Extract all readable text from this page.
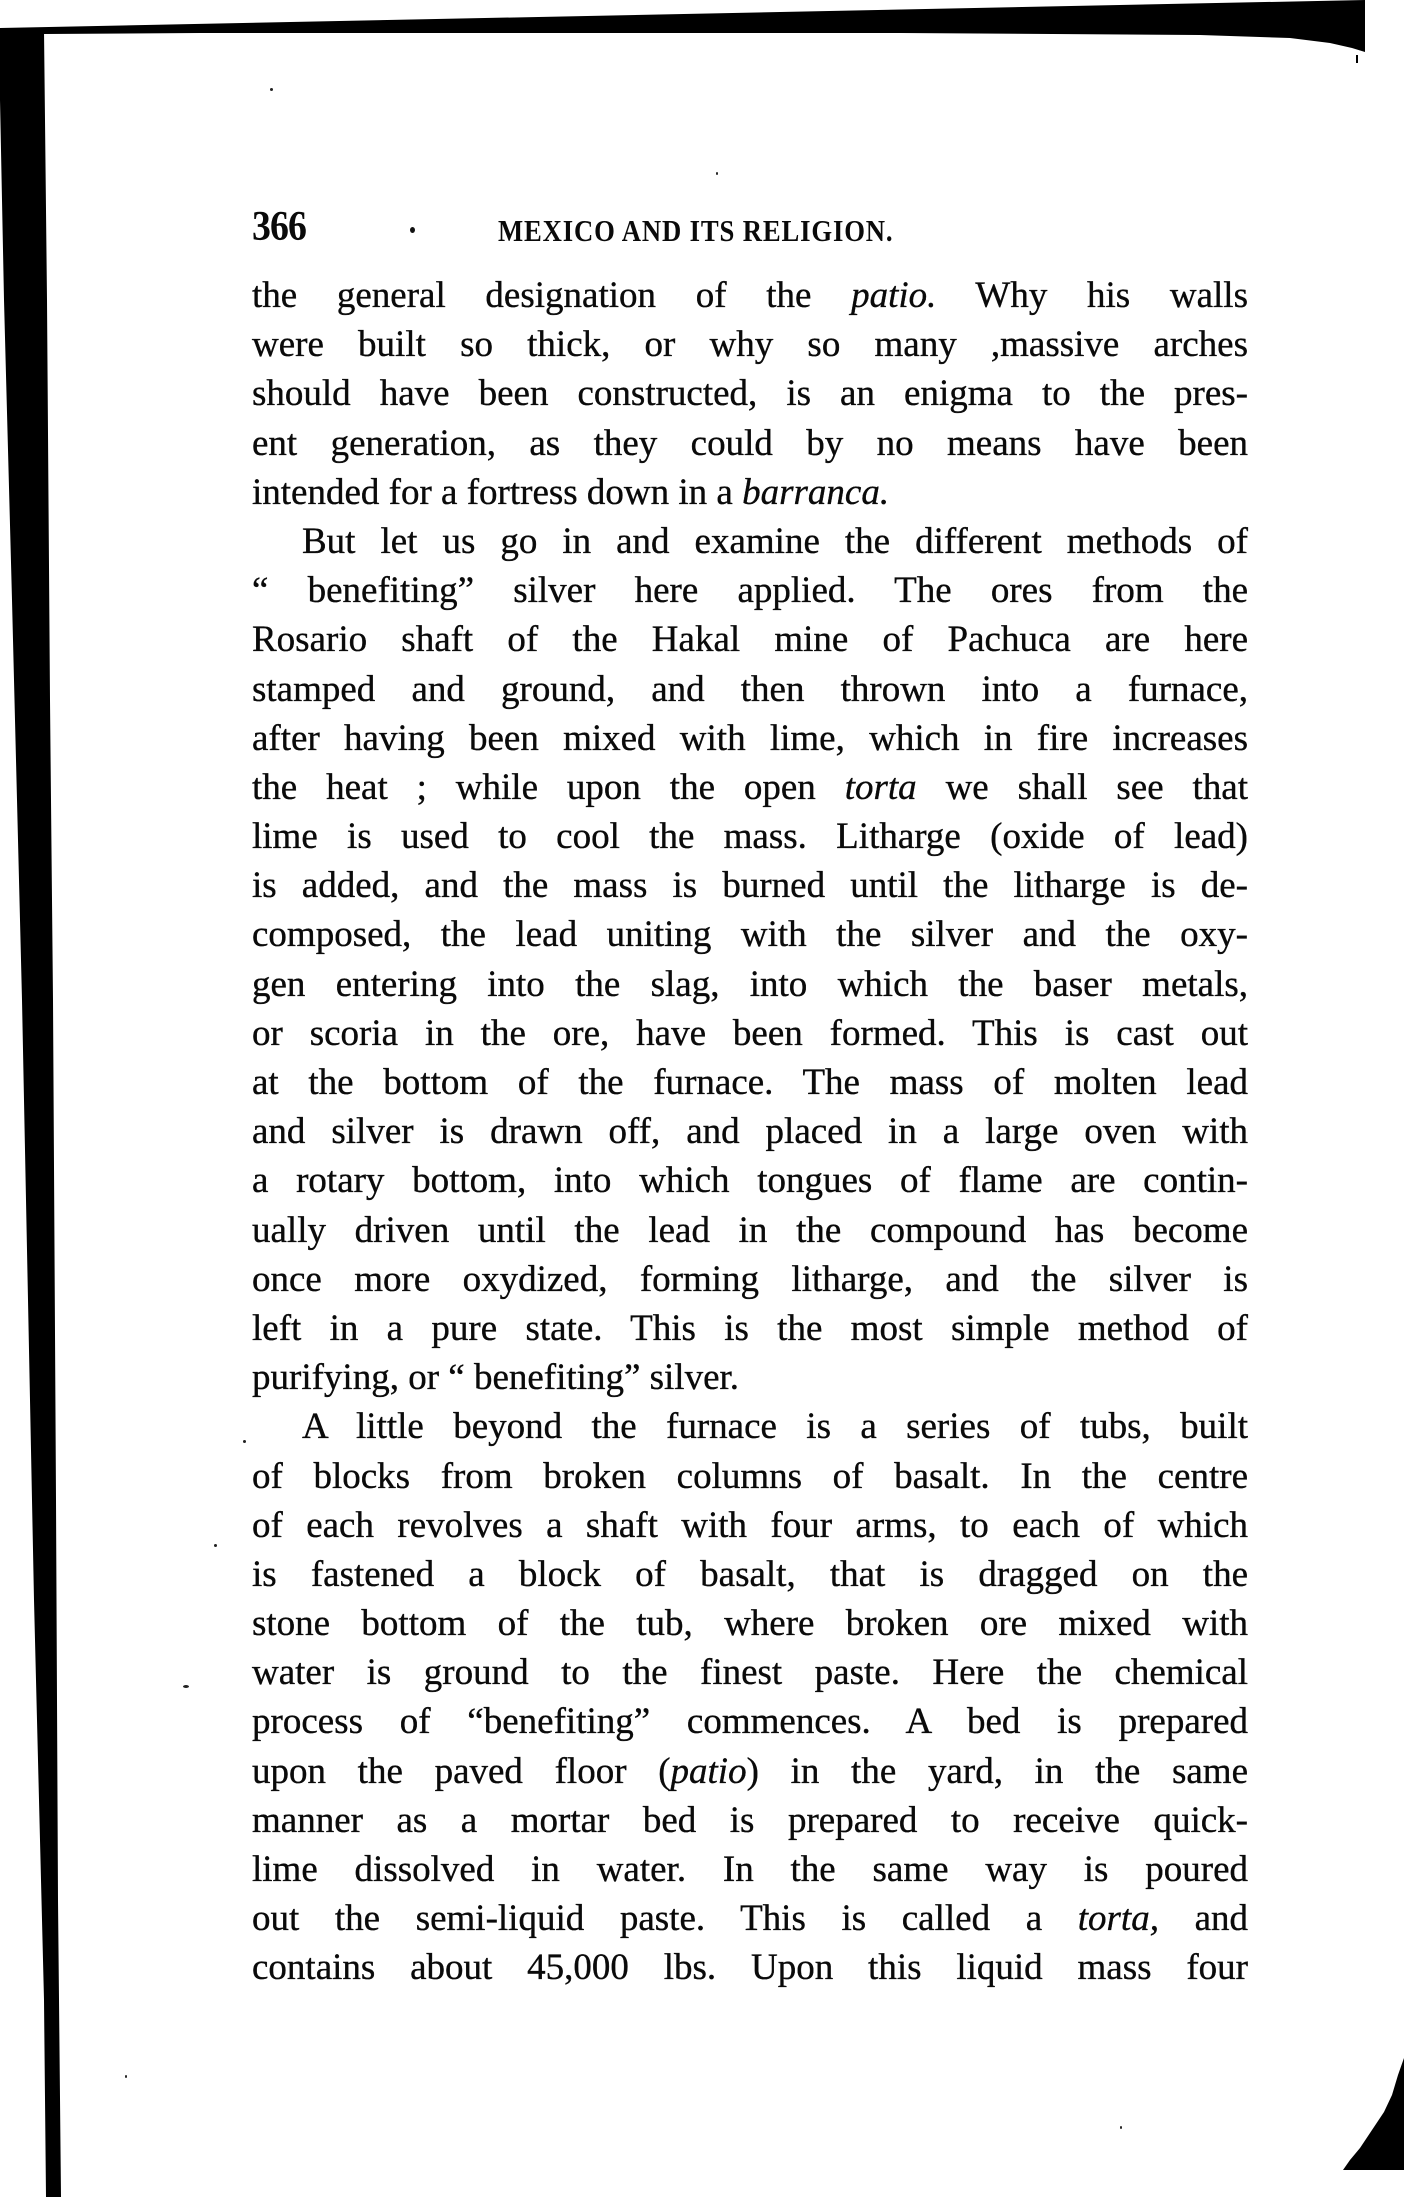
366	MEXICO AND ITS RELIGION.
the general designation of the patio. Why his walls
were built so thick, or why so many ,massive arches
should have been constructed, is an enigma to the pres-
ent generation, as they could by no means have been
intended for a fortress down in a barranca.
But let us go in and examine the different methods of
“ benefiting” silver here applied. The ores from the
Rosario shaft of the Hakal mine of Pachuca are here
stamped and ground, and then thrown into a furnace,
after having been mixed with lime, which in fire increases
the heat ; while upon the open torta we shall see that
lime is used to cool the mass. Litharge (oxide of lead)
is added, and the mass is burned until the litharge is de-
composed, the lead uniting with the silver and the oxy-
gen entering into the slag, into which the baser metals,
or scoria in the ore, have been formed. This is cast out
at the bottom of the furnace. The mass of molten lead
and silver is drawn off, and placed in a large oven with
a rotary bottom, into which tongues of flame are contin-
ually driven until the lead in the compound has become
once more oxydized, forming litharge, and the silver is
left in a pure state. This is the most simple method of
purifying, or “ benefiting” silver.
A little beyond the furnace is a series of tubs, built
of blocks from broken columns of basalt. In the centre
of each revolves a shaft with four arms, to each of which
is fastened a block of basalt, that is dragged on the
stone bottom of the tub, where broken ore mixed with
water is ground to the finest paste. Here the chemical
process of “benefiting” commences. A bed is prepared
upon the paved floor (patio) in the yard, in the same
manner as a mortar bed is prepared to receive quick-
lime dissolved in water. In the same way is poured
out the semi-liquid paste. This is called a torta, and
contains about 45,000 lbs. Upon this liquid mass four
